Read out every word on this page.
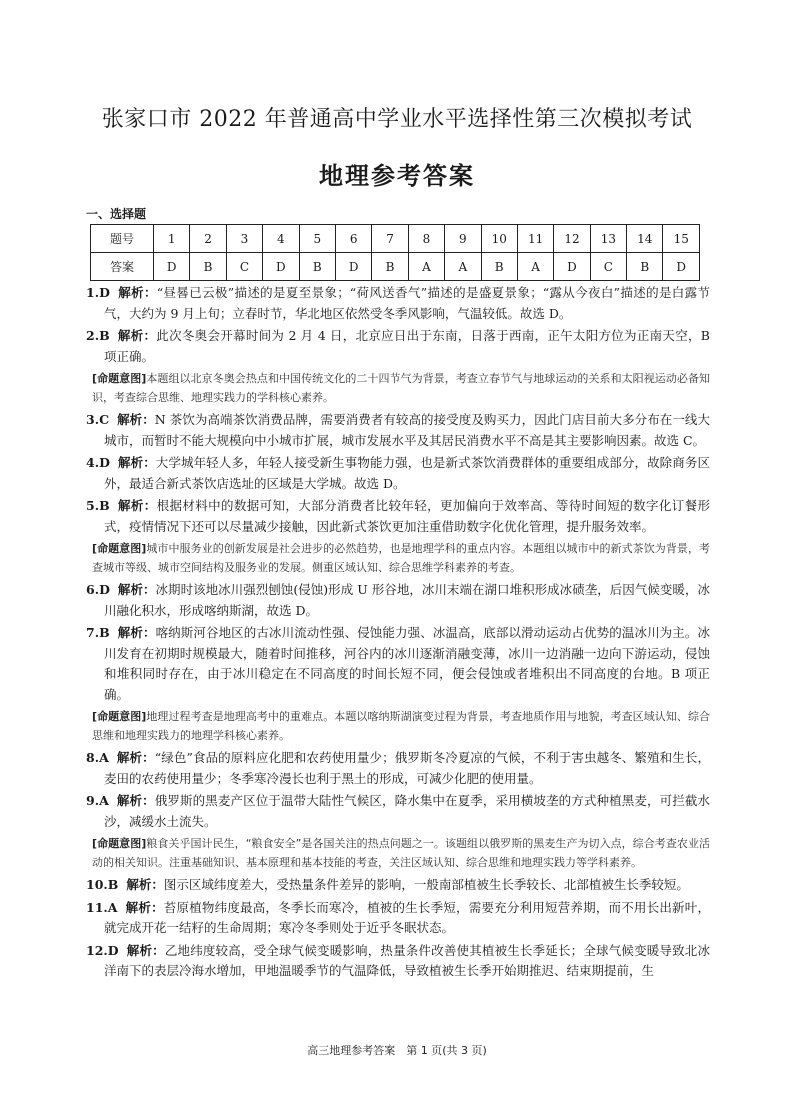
张家口市 2022 年普通高中学业水平选择性第三次模拟考试
地理参考答案
一、选择题
题号	1	2	3	4	5	6	7	8	9	10	11	12	13	14	15
答案	D	B	C	D	B	D	B	A	A	B	A	D	C	B	D
1.D 解析：“昼晷已云极”描述的是夏至景象；“荷风送香气”描述的是盛夏景象；“露从今夜白”描述的是白露节气，大约为 9 月上旬；立春时节，华北地区依然受冬季风影响，气温较低。故选 D。
2.B 解析：此次冬奥会开幕时间为 2 月 4 日，北京应日出于东南，日落于西南，正午太阳方位为正南天空，B 项正确。
[命题意图]本题组以北京冬奥会热点和中国传统文化的二十四节气为背景，考查立春节气与地球运动的关系和太阳视运动必备知识，考查综合思维、地理实践力的学科核心素养。
3.C 解析：N 茶饮为高端茶饮消费品牌，需要消费者有较高的接受度及购买力，因此门店目前大多分布在一线大城市，而暂时不能大规模向中小城市扩展，城市发展水平及其居民消费水平不高是其主要影响因素。故选 C。
4.D 解析：大学城年轻人多，年轻人接受新生事物能力强，也是新式茶饮消费群体的重要组成部分，故除商务区外，最适合新式茶饮店选址的区域是大学城。故选 D。
5.B 解析：根据材料中的数据可知，大部分消费者比较年轻，更加偏向于效率高、等待时间短的数字化订餐形式，疫情情况下还可以尽量减少接触，因此新式茶饮更加注重借助数字化优化管理，提升服务效率。
[命题意图]城市中服务业的创新发展是社会进步的必然趋势，也是地理学科的重点内容。本题组以城市中的新式茶饮为背景，考查城市等级、城市空间结构及服务业的发展。侧重区域认知、综合思维学科素养的考查。
6.D 解析：冰期时该地冰川强烈刨蚀(侵蚀)形成 U 形谷地，冰川末端在湖口堆积形成冰碛垄，后因气候变暖，冰川融化积水，形成喀纳斯湖，故选 D。
7.B 解析：喀纳斯河谷地区的古冰川流动性强、侵蚀能力强、冰温高，底部以滑动运动占优势的温冰川为主。冰川发育在初期时规模最大，随着时间推移，河谷内的冰川逐渐消融变薄，冰川一边消融一边向下游运动，侵蚀和堆积同时存在，由于冰川稳定在不同高度的时间长短不同，便会侵蚀或者堆积出不同高度的台地。B 项正确。
[命题意图]地理过程考查是地理高考中的重难点。本题以喀纳斯湖演变过程为背景，考查地质作用与地貌，考查区域认知、综合思维和地理实践力的地理学科核心素养。
8.A 解析：“绿色”食品的原料应化肥和农药使用量少；俄罗斯冬冷夏凉的气候，不利于害虫越冬、繁殖和生长，麦田的农药使用量少；冬季寒冷漫长也利于黑土的形成，可减少化肥的使用量。
9.A 解析：俄罗斯的黑麦产区位于温带大陆性气候区，降水集中在夏季，采用横坡垄的方式种植黑麦，可拦截水沙，减缓水土流失。
[命题意图]粮食关乎国计民生，“粮食安全”是各国关注的热点问题之一。该题组以俄罗斯的黑麦生产为切入点，综合考查农业活动的相关知识。注重基础知识、基本原理和基本技能的考查，关注区域认知、综合思维和地理实践力等学科素养。
10.B 解析：图示区域纬度差大，受热量条件差异的影响，一般南部植被生长季较长、北部植被生长季较短。
11.A 解析：苔原植物纬度最高，冬季长而寒冷，植被的生长季短，需要充分利用短营养期，而不用长出新叶，就完成开花一结籽的生命周期；寒冷冬季则处于近乎冬眠状态。
12.D 解析：乙地纬度较高，受全球气候变暖影响，热量条件改善使其植被生长季延长；全球气候变暖导致北冰洋南下的表层冷海水增加，甲地温暖季节的气温降低，导致植被生长季开始期推迟、结束期提前，生
高三地理参考答案　第 1 页(共 3 页)
